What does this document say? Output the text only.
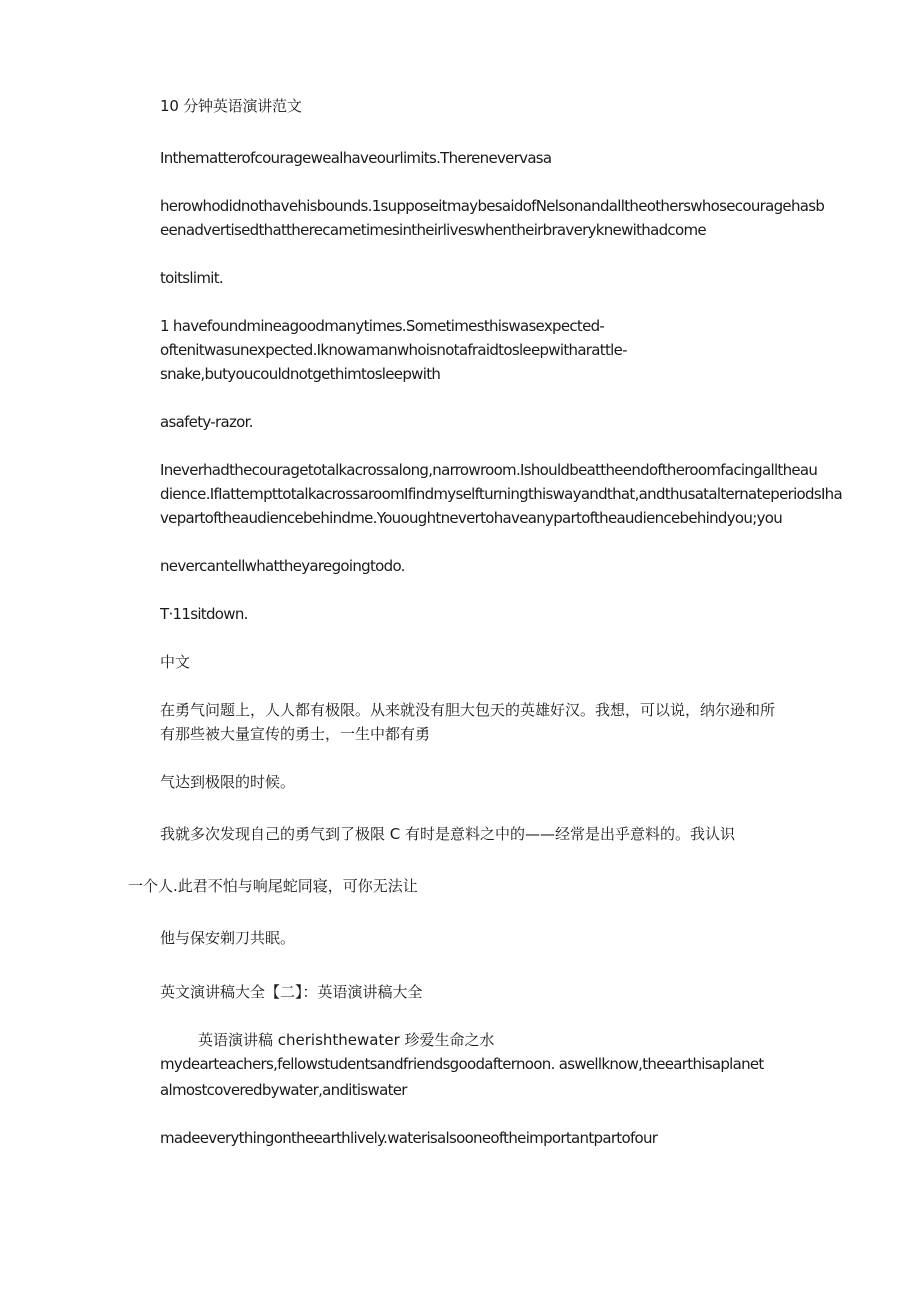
10 分钟英语演讲范文
Inthematterofcouragewealhaveourlimits.Therenevervasa
herowhodidnothavehisbounds.1supposeitmaybesaidofNelsonandalltheotherswhosecouragehasb
eenadvertisedthattherecametimesintheirliveswhentheirbraveryknewithadcome
toitslimit.
1 havefoundmineagoodmanytimes.Sometimesthiswasexpected-
oftenitwasunexpected.Iknowamanwhoisnotafraidtosleepwitharattle-
snake,butyoucouldnotgethimtosleepwith
asafety-razor.
Ineverhadthecouragetotalkacrossalong,narrowroom.Ishouldbeattheendoftheroomfacingalltheau
dience.IfIattempttotalkacrossaroomIfindmyselfturningthiswayandthat,andthusatalternateperiodsIha
vepartoftheaudiencebehindme.Yououghtnevertohaveanypartoftheaudiencebehindyou;you
nevercantellwhattheyaregoingtodo.
T·11sitdown.
中文
在勇气问题上，人人都有极限。从来就没有胆大包天的英雄好汉。我想，可以说，纳尔逊和所
有那些被大量宣传的勇士，一生中都有勇
气达到极限的时候。
我就多次发现自己的勇气到了极限 C 有时是意料之中的——经常是出乎意料的。我认识
一个人.此君不怕与响尾蛇同寝，可你无法让
他与保安剃刀共眠。
英文演讲稿大全【二】：英语演讲稿大全
英语演讲稿 cherishthewater 珍爱生命之水
mydearteachers,fellowstudentsandfriendsgoodafternoon. aswellknow,theearthisaplanet
almostcoveredbywater,anditiswater
madeeverythingontheearthlively.waterisalsooneoftheimportantpartofour
